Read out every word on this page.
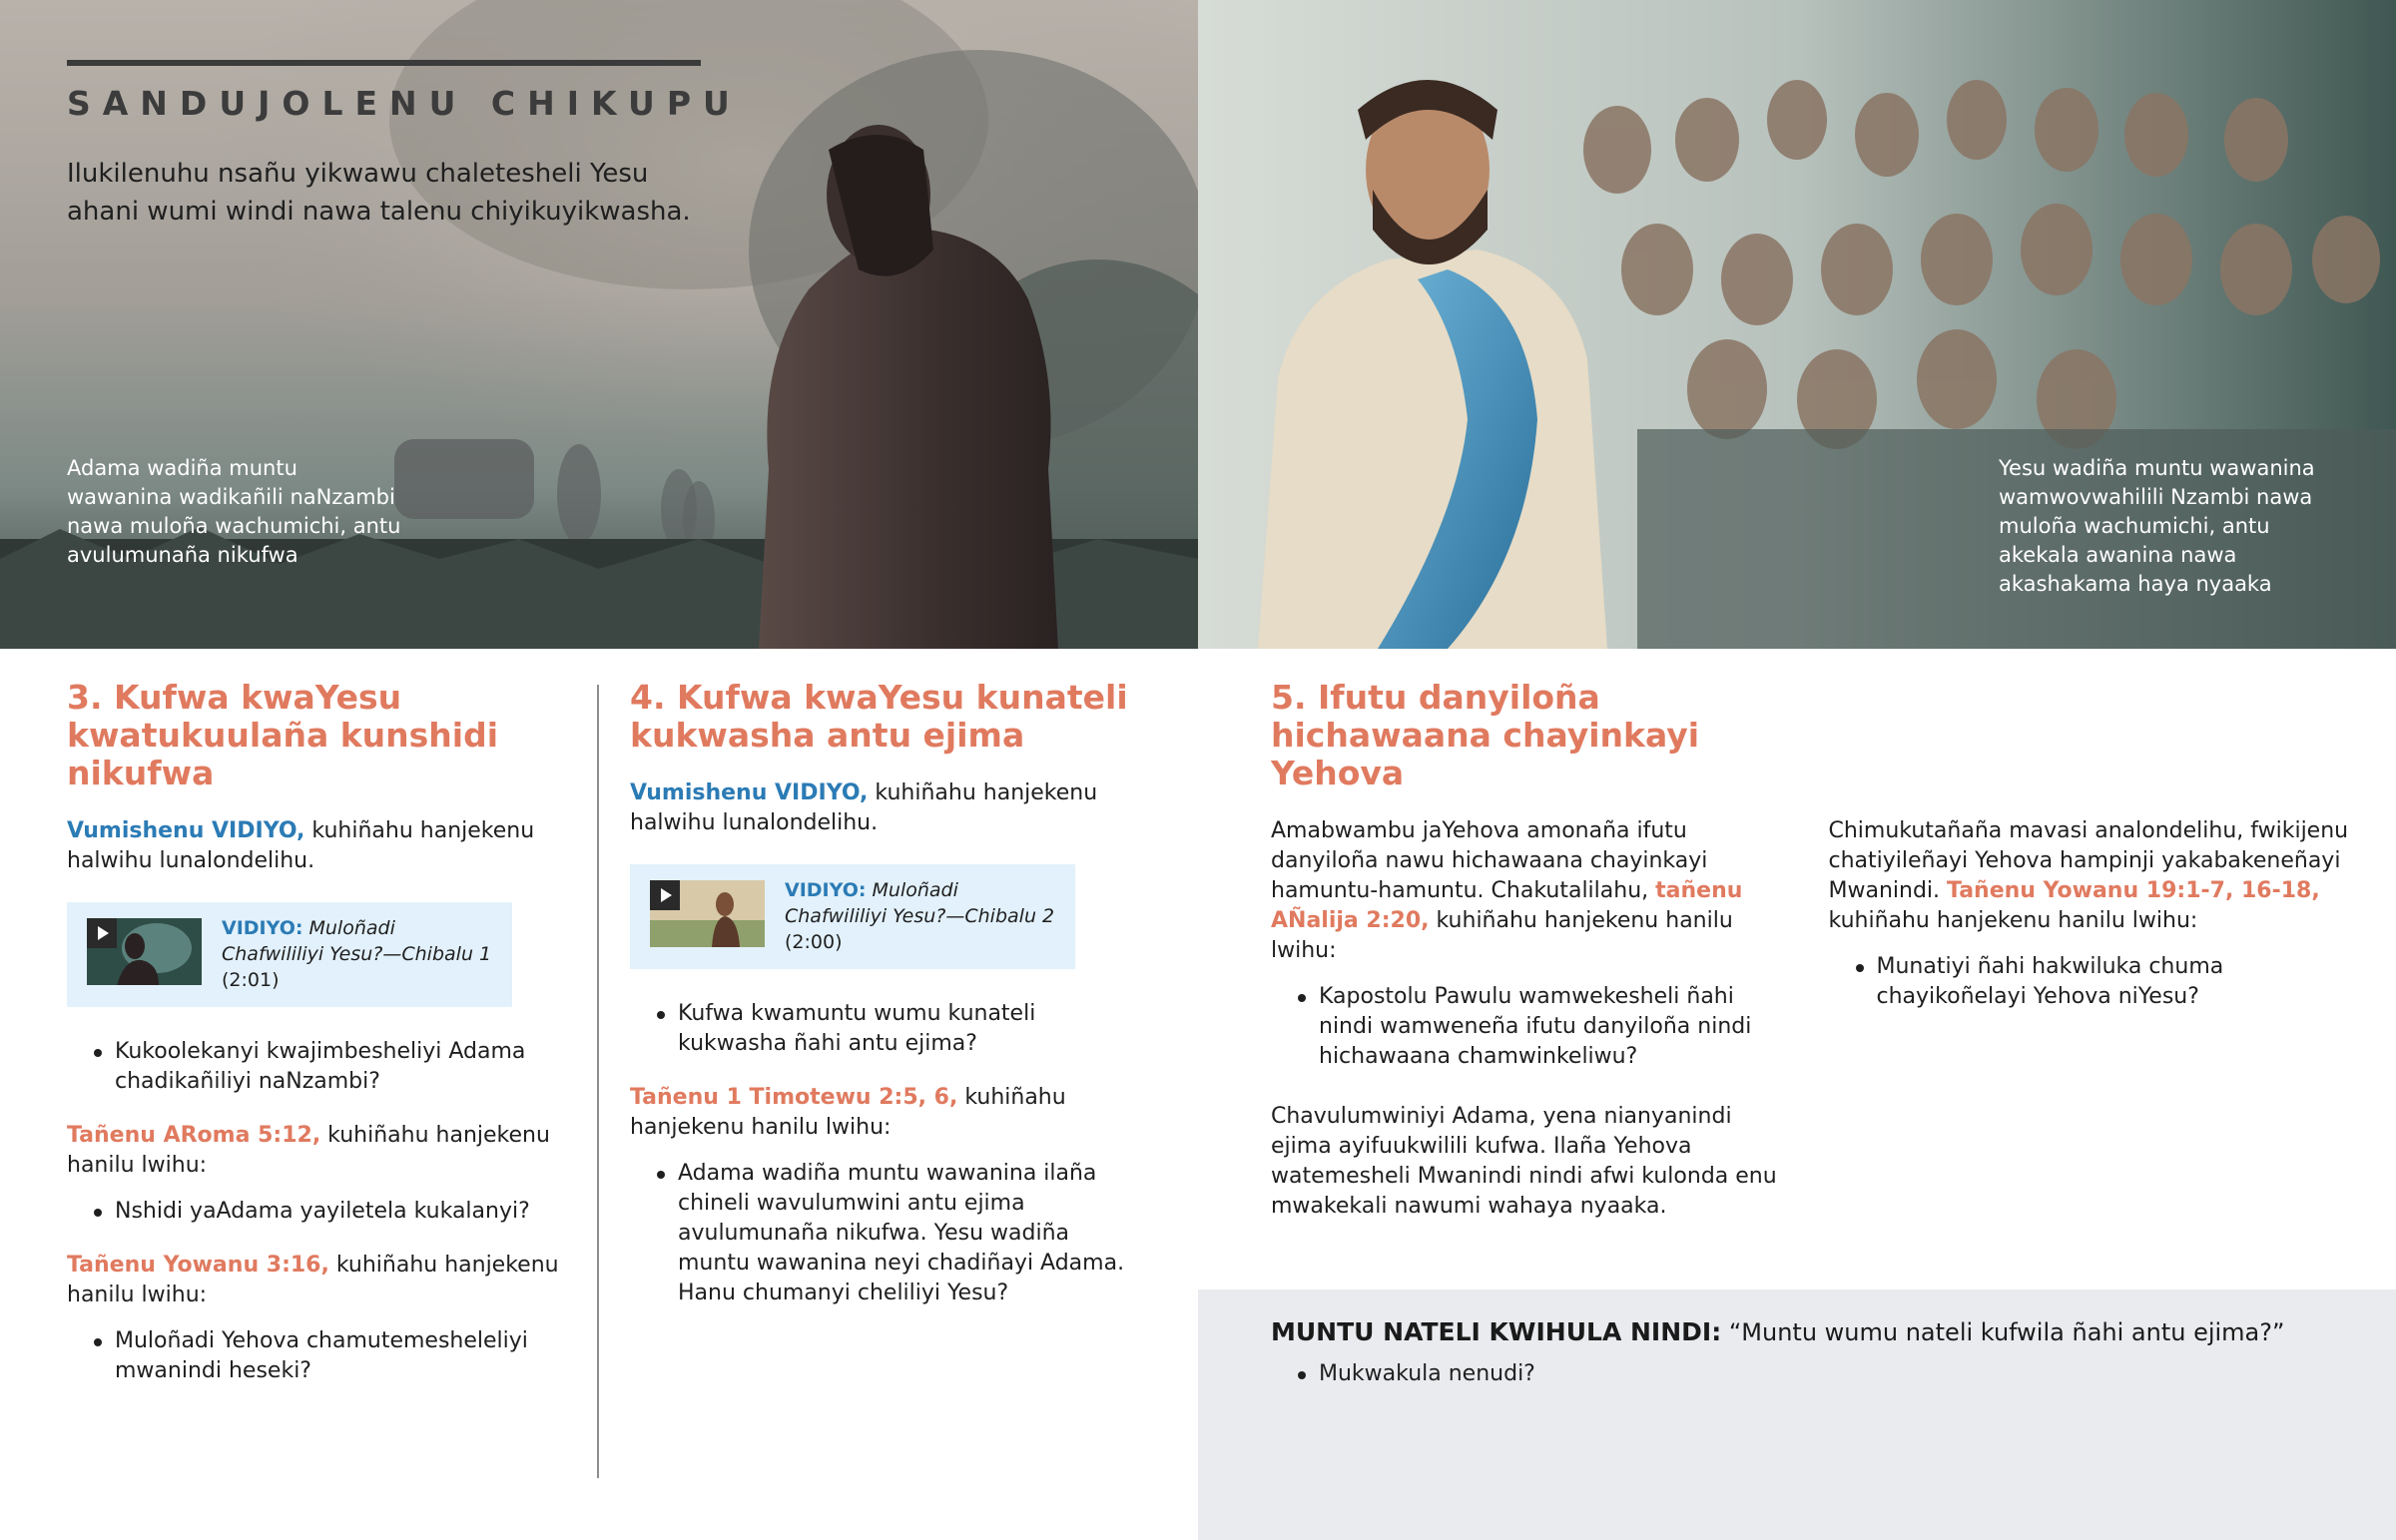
SANDUJOLENU CHIKUPU
Ilukilenuhu nsañu yikwawu chaletesheli Yesu ahani wumi windi nawa talenu chiyikuyikwasha.
Adama wadiña muntu wawanina wadikañili naNzambi nawa muloña wachumichi, antu avulumunaña nikufwa
Yesu wadiña muntu wawanina wamwovwahilili Nzambi nawa muloña wachumichi, antu akekala awanina nawa akashakama haya nyaaka
3. Kufwa kwaYesu kwatukuulaña kunshidi nikufwa
Vumishenu VIDIYO, kuhiñahu hanjekenu halwihu lunalondelihu.
VIDIYO: Muloñadi Chafwililiyi Yesu?—Chibalu 1 (2:01)
Kukoolekanyi kwajimbesheliyi Adama chadikañiliyi naNzambi?
Tañenu ARoma 5:12, kuhiñahu hanjekenu hanilu lwihu:
Nshidi yaAdama yayiletela kukalanyi?
Tañenu Yowanu 3:16, kuhiñahu hanjekenu hanilu lwihu:
Muloñadi Yehova chamutemesheleliyi mwanindi heseki?
4. Kufwa kwaYesu kunateli kukwasha antu ejima
Vumishenu VIDIYO, kuhiñahu hanjekenu halwihu lunalondelihu.
VIDIYO: Muloñadi Chafwililiyi Yesu?—Chibalu 2 (2:00)
Kufwa kwamuntu wumu kunateli kukwasha ñahi antu ejima?
Tañenu 1 Timotewu 2:5, 6, kuhiñahu hanjekenu hanilu lwihu:
Adama wadiña muntu wawanina ilaña chineli wavulumwini antu ejima avulumunaña nikufwa. Yesu wadiña muntu wawanina neyi chadiñayi Adama. Hanu chumanyi cheliliyi Yesu?
5. Ifutu danyiloña hichawaana chayinkayi Yehova
Amabwambu jaYehova amonaña ifutu danyiloña nawu hichawaana chayinkayi hamuntu-hamuntu. Chakutalilahu, tañenu AÑalija 2:20, kuhiñahu hanjekenu hanilu lwihu:
Kapostolu Pawulu wamwekesheli ñahi nindi wamweneña ifutu danyiloña nindi hichawaana chamwinkeliwu?
Chavulumwiniyi Adama, yena nianyanindi ejima ayifuukwilili kufwa. Ilaña Yehova watemesheli Mwanindi nindi afwi kulonda enu mwakekali nawumi wahaya nyaaka.
Chimukutañaña mavasi analondelihu, fwikijenu chatiyileñayi Yehova hampinji yakabakeneñayi Mwanindi. Tañenu Yowanu 19:1-7, 16-18, kuhiñahu hanjekenu hanilu lwihu:
Munatiyi ñahi hakwiluka chuma chayikoñelayi Yehova niYesu?
MUNTU NATELI KWIHULA NINDI: “Muntu wumu nateli kufwila ñahi antu ejima?”
Mukwakula nenudi?
